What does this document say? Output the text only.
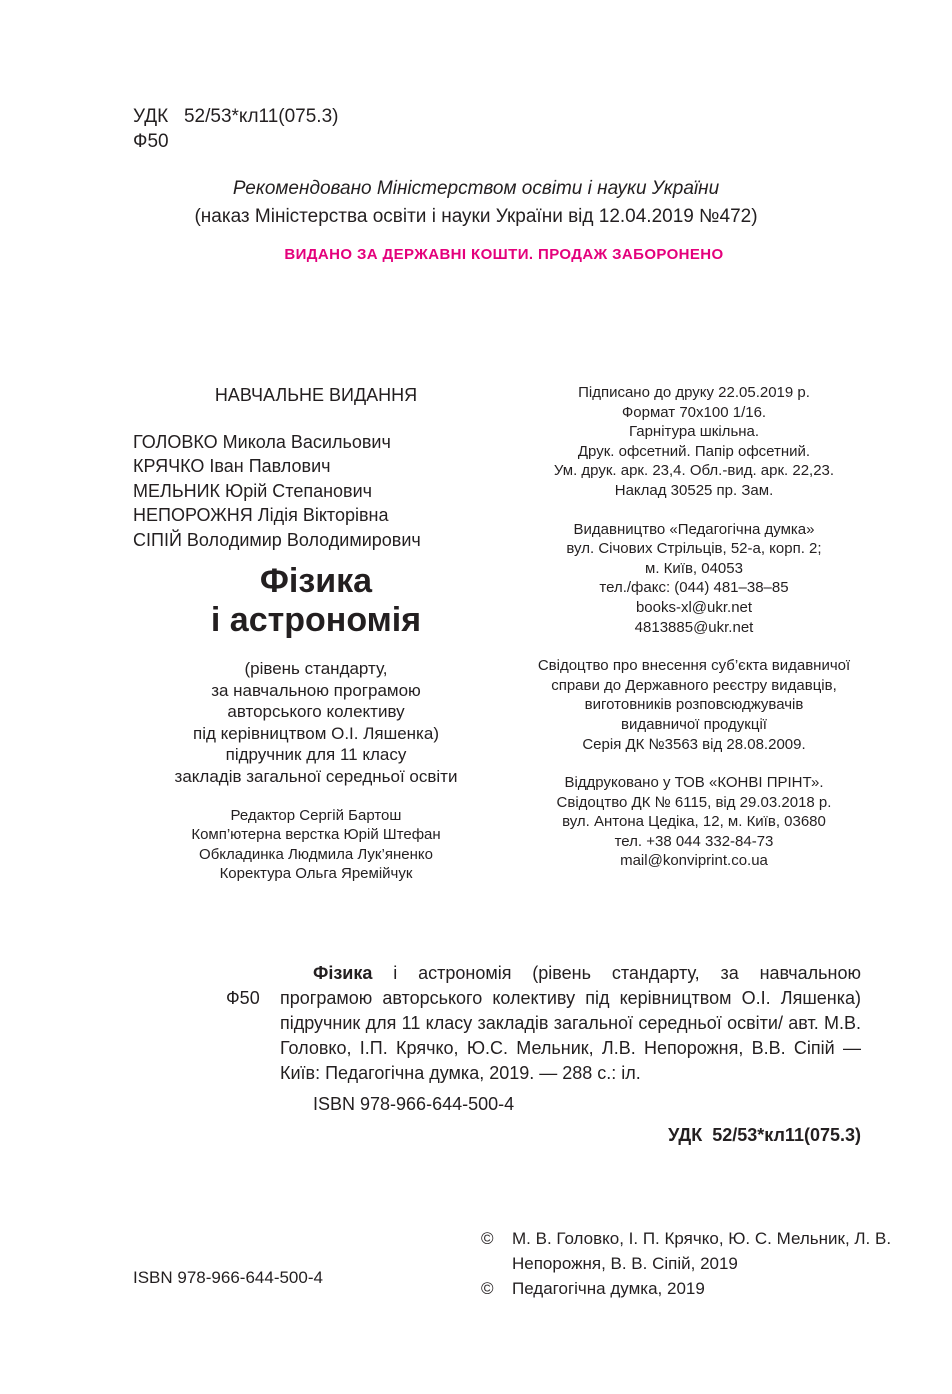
УДК   52/53*кл11(075.3)
Ф50
Рекомендовано Міністерством освіти і науки України
(наказ Міністерства освіти і науки України від 12.04.2019 №472)
ВИДАНО ЗА ДЕРЖАВНІ КОШТИ. ПРОДАЖ ЗАБОРОНЕНО
НАВЧАЛЬНЕ ВИДАННЯ
ГОЛОВКО Микола Васильович
КРЯЧКО Іван Павлович
МЕЛЬНИК Юрій Степанович
НЕПОРОЖНЯ Лідія Вікторівна
СІПІЙ Володимир Володимирович
Фізика
і астрономія
(рівень стандарту,
за навчальною програмою
авторського колективу
під керівництвом О.І. Ляшенка)
підручник для 11 класу
закладів загальної середньої освіти
Редактор Сергій Бартош
Комп’ютерна верстка Юрій Штефан
Обкладинка Людмила Лук’яненко
Коректура Ольга Яремійчук
Підписано до друку 22.05.2019 р.
Формат 70x100 1/16.
Гарнітура шкільна.
Друк. офсетний. Папір офсетний.
Ум. друк. арк. 23,4. Обл.-вид. арк. 22,23.
Наклад 30525 пр. Зам.
Видавництво «Педагогічна думка»
вул. Січових Стрільців, 52-а, корп. 2;
м. Київ, 04053
тел./факс: (044) 481–38–85
books-xl@ukr.net
4813885@ukr.net
Свідоцтво про внесення суб’єкта видавничої
справи до Державного реєстру видавців,
виготовників розповсюджувачів
видавничої продукції
Серія ДК №3563 від 28.08.2009.
Віддруковано у ТОВ «КОНВІ ПРІНТ».
Свідоцтво ДК № 6115, від 29.03.2018 р.
вул. Антона Цедіка, 12, м. Київ, 03680
тел. +38 044 332-84-73
mail@konviprint.co.ua
Ф50
Фізика і астрономія (рівень стандарту, за навчальною програмою авторського колективу під керівництвом О.І. Ляшенка) підручник для 11 класу закладів загальної середньої освіти/ авт. М.В. Головко, І.П. Крячко, Ю.С. Мельник, Л.В. Непорожня, В.В. Сіпій — Київ: Педагогічна думка, 2019. — 288 с.: іл.
ISBN 978-966-644-500-4
УДК  52/53*кл11(075.3)
ISBN 978-966-644-500-4
©	М. В. Головко, І. П. Крячко, Ю. С. Мельник, Л. В. Непорожня, В. В. Сіпій, 2019
©	Педагогічна думка, 2019
